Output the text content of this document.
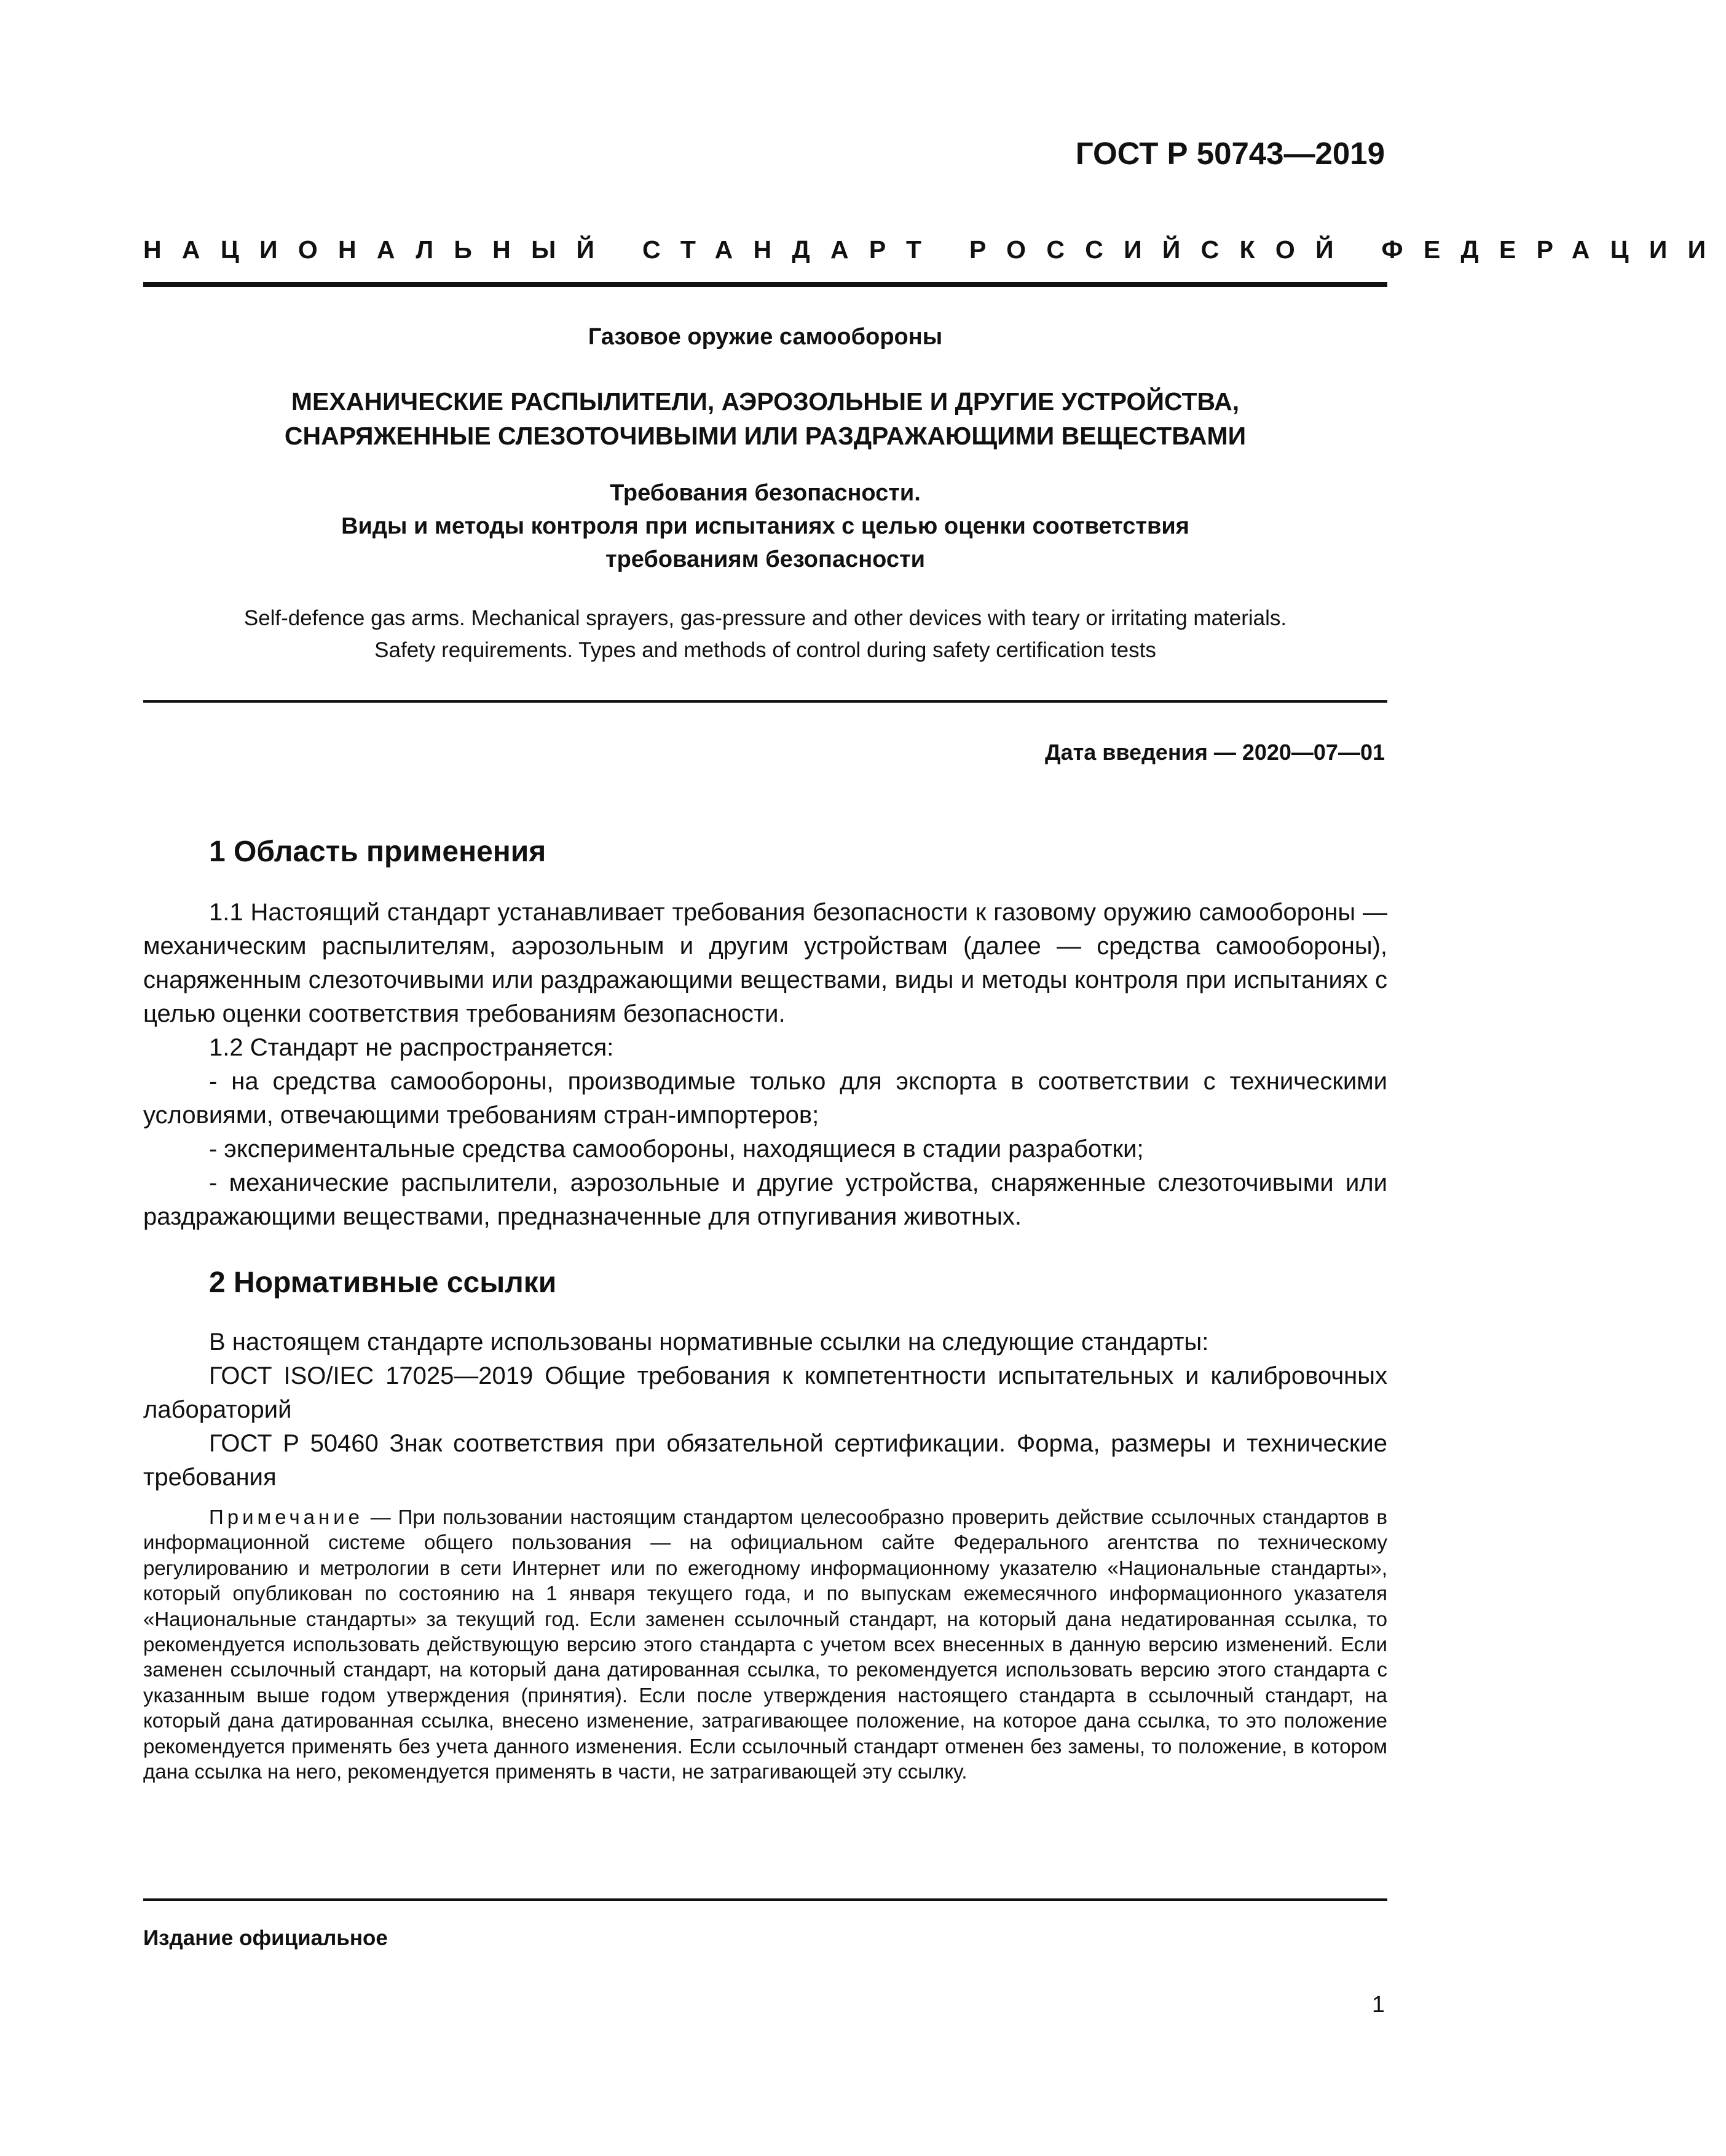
ГОСТ Р 50743—2019
НАЦИОНАЛЬНЫЙ СТАНДАРТ РОССИЙСКОЙ ФЕДЕРАЦИИ
Газовое оружие самообороны
МЕХАНИЧЕСКИЕ РАСПЫЛИТЕЛИ, АЭРОЗОЛЬНЫЕ И ДРУГИЕ УСТРОЙСТВА,
СНАРЯЖЕННЫЕ СЛЕЗОТОЧИВЫМИ ИЛИ РАЗДРАЖАЮЩИМИ ВЕЩЕСТВАМИ
Требования безопасности.
Виды и методы контроля при испытаниях с целью оценки соответствия
требованиям безопасности
Self-defence gas arms. Mechanical sprayers, gas-pressure and other devices with teary or irritating materials.
Safety requirements. Types and methods of control during safety certification tests
Дата введения — 2020—07—01
1 Область применения

1.1 Настоящий стандарт устанавливает требования безопасности к газовому оружию самообороны — механическим распылителям, аэрозольным и другим устройствам (далее — средства самообороны), снаряженным слезоточивыми или раздражающими веществами, виды и методы контроля при испытаниях с целью оценки соответствия требованиям безопасности.

1.2 Стандарт не распространяется:

- на средства самообороны, производимые только для экспорта в соответствии с техническими условиями, отвечающими требованиям стран-импортеров;

- экспериментальные средства самообороны, находящиеся в стадии разработки;

- механические распылители, аэрозольные и другие устройства, снаряженные слезоточивыми или раздражающими веществами, предназначенные для отпугивания животных.

2 Нормативные ссылки

В настоящем стандарте использованы нормативные ссылки на следующие стандарты:

ГОСТ ISO/IEC 17025—2019 Общие требования к компетентности испытательных и калибровочных лабораторий

ГОСТ Р 50460 Знак соответствия при обязательной сертификации. Форма, размеры и технические требования

Примечание — При пользовании настоящим стандартом целесообразно проверить действие ссылочных стандартов в информационной системе общего пользования — на официальном сайте Федерального агентства по техническому регулированию и метрологии в сети Интернет или по ежегодному информационному указателю «Национальные стандарты», который опубликован по состоянию на 1 января текущего года, и по выпускам ежемесячного информационного указателя «Национальные стандарты» за текущий год. Если заменен ссылочный стандарт, на который дана недатированная ссылка, то рекомендуется использовать действующую версию этого стандарта с учетом всех внесенных в данную версию изменений. Если заменен ссылочный стандарт, на который дана датированная ссылка, то рекомендуется использовать версию этого стандарта с указанным выше годом утверждения (принятия). Если после утверждения настоящего стандарта в ссылочный стандарт, на который дана датированная ссылка, внесено изменение, затрагивающее положение, на которое дана ссылка, то это положение рекомендуется применять без учета данного изменения. Если ссылочный стандарт отменен без замены, то положение, в котором дана ссылка на него, рекомендуется применять в части, не затрагивающей эту ссылку.

Издание официальное
1
